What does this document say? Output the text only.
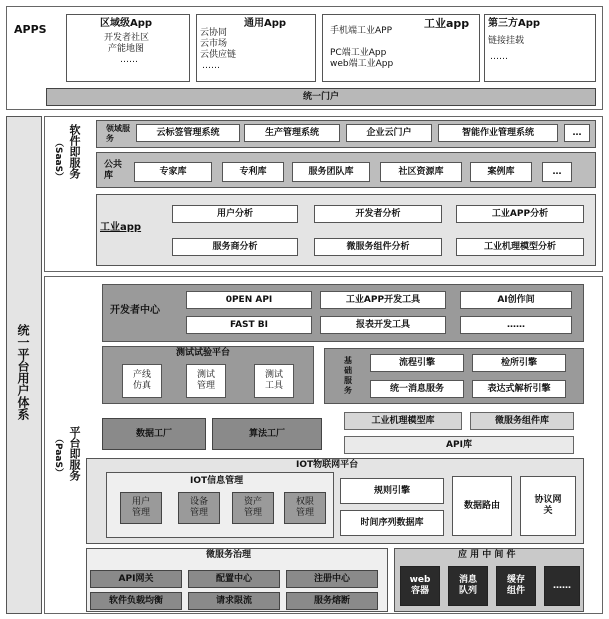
APPS	区域级App
开发者社区
产能地图
……
通用App
云协同
云市场
云供应链
……
工业app
手机端工业APP
PC端工业App
web端工业App
第三方App
链接挂载
……
统一门户
统一平台用户体系
软件即服务
（SaaS）
领域服务
云标签管理系统	生产管理系统	企业云门户	智能作业管理系统	…
公共库	专家库	专利库	服务团队库	社区资源库	案例库	…
工业app
用户分析	开发者分析	工业APP分析
服务商分析	微服务组件分析	工业机理模型分析
平台即服务
（PaaS）
开发者中心
0PEN API	工业APP开发工具	AI创作间
FAST BI	报表开发工具	……
测试试验平台
产线仿真
测试管理
测试工具
基础服务
流程引擎	检所引擎
统一消息服务	表达式解析引擎
数据工厂	算法工厂
工业机理模型库	微服务组件库
API库
IOT物联网平台
IOT信息管理
用户管理
设备管理
资产管理
权限管理
规则引擎
时间序列数据库
数据路由
协议网关
微服务治理
API网关	配置中心	注册中心
软件负载均衡	请求限流	服务熔断
应 用 中 间 件
web容器
消息队列
缓存组件
……
